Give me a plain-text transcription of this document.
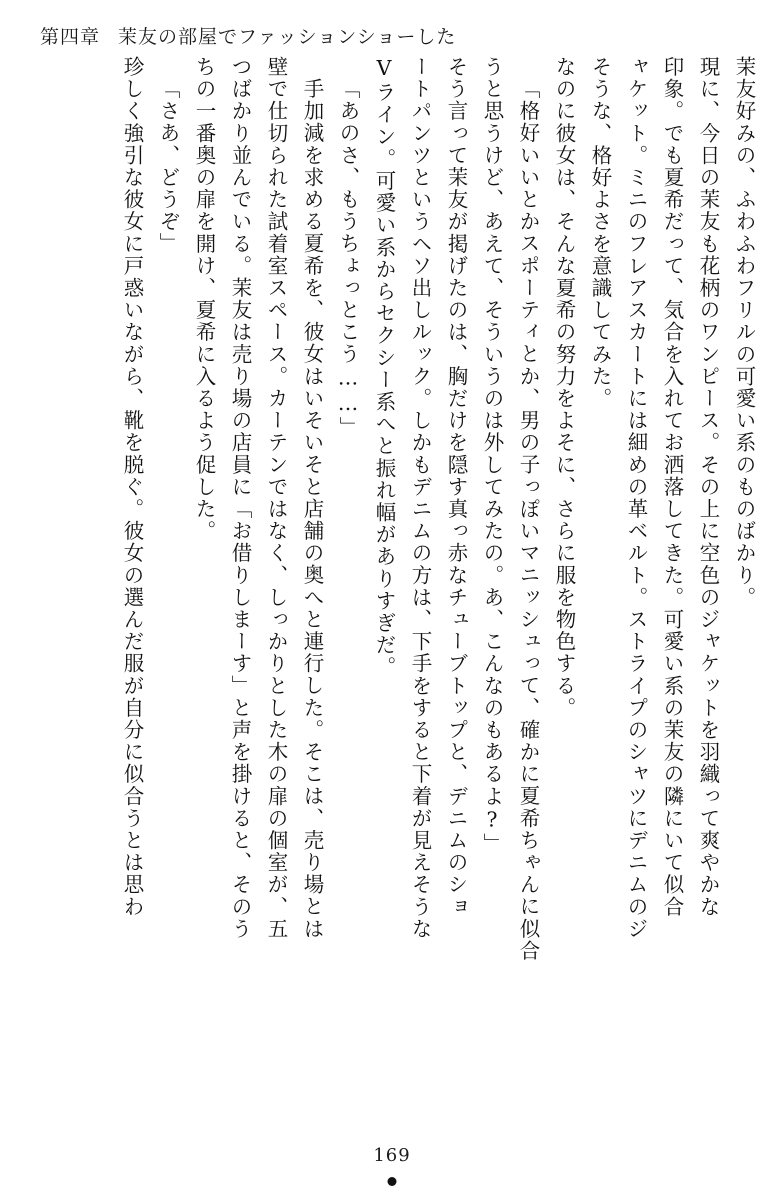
第四章 茉友の部屋でファッションショーした
茉友好みの、ふわふわフリルの可愛い系のものばかり。
現に、今日の茉友も花柄のワンピース。その上に空色のジャケットを羽織って爽やかな
印象。でも夏希だって、気合を入れてお洒落してきた。可愛い系の茉友の隣にいて似合
ャケット。ミニのフレアスカートには細めの革ベルト。ストライプのシャツにデニムのジ
そうな、格好よさを意識してみた。
なのに彼女は、そんな夏希の努力をよそに、さらに服を物色する。
「格好いいとかスポーティとか、男の子っぽいマニッシュって、確かに夏希ちゃんに似合
うと思うけど、あえて、そういうのは外してみたの。あ、こんなのもあるよ?」
そう言って茉友が掲げたのは、胸だけを隠す真っ赤なチューブトップと、デニムのショ
ートパンツというヘソ出しルック。しかもデニムの方は、下手をすると下着が見えそうな
Vライン。可愛い系からセクシー系へと振れ幅がありすぎだ。
「あのさ、もうちょっとこう……」
手加減を求める夏希を、彼女はいそいそと店舗の奥へと連行した。そこは、売り場とは
壁で仕切られた試着室スペース。カーテンではなく、しっかりとした木の扉の個室が、五
つばかり並んでいる。茉友は売り場の店員に「お借りしまーす」と声を掛けると、そのう
ちの一番奥の扉を開け、夏希に入るよう促した。
「さあ、どうぞ」
珍しく強引な彼女に戸惑いながら、靴を脱ぐ。彼女の選んだ服が自分に似合うとは思わ
169
